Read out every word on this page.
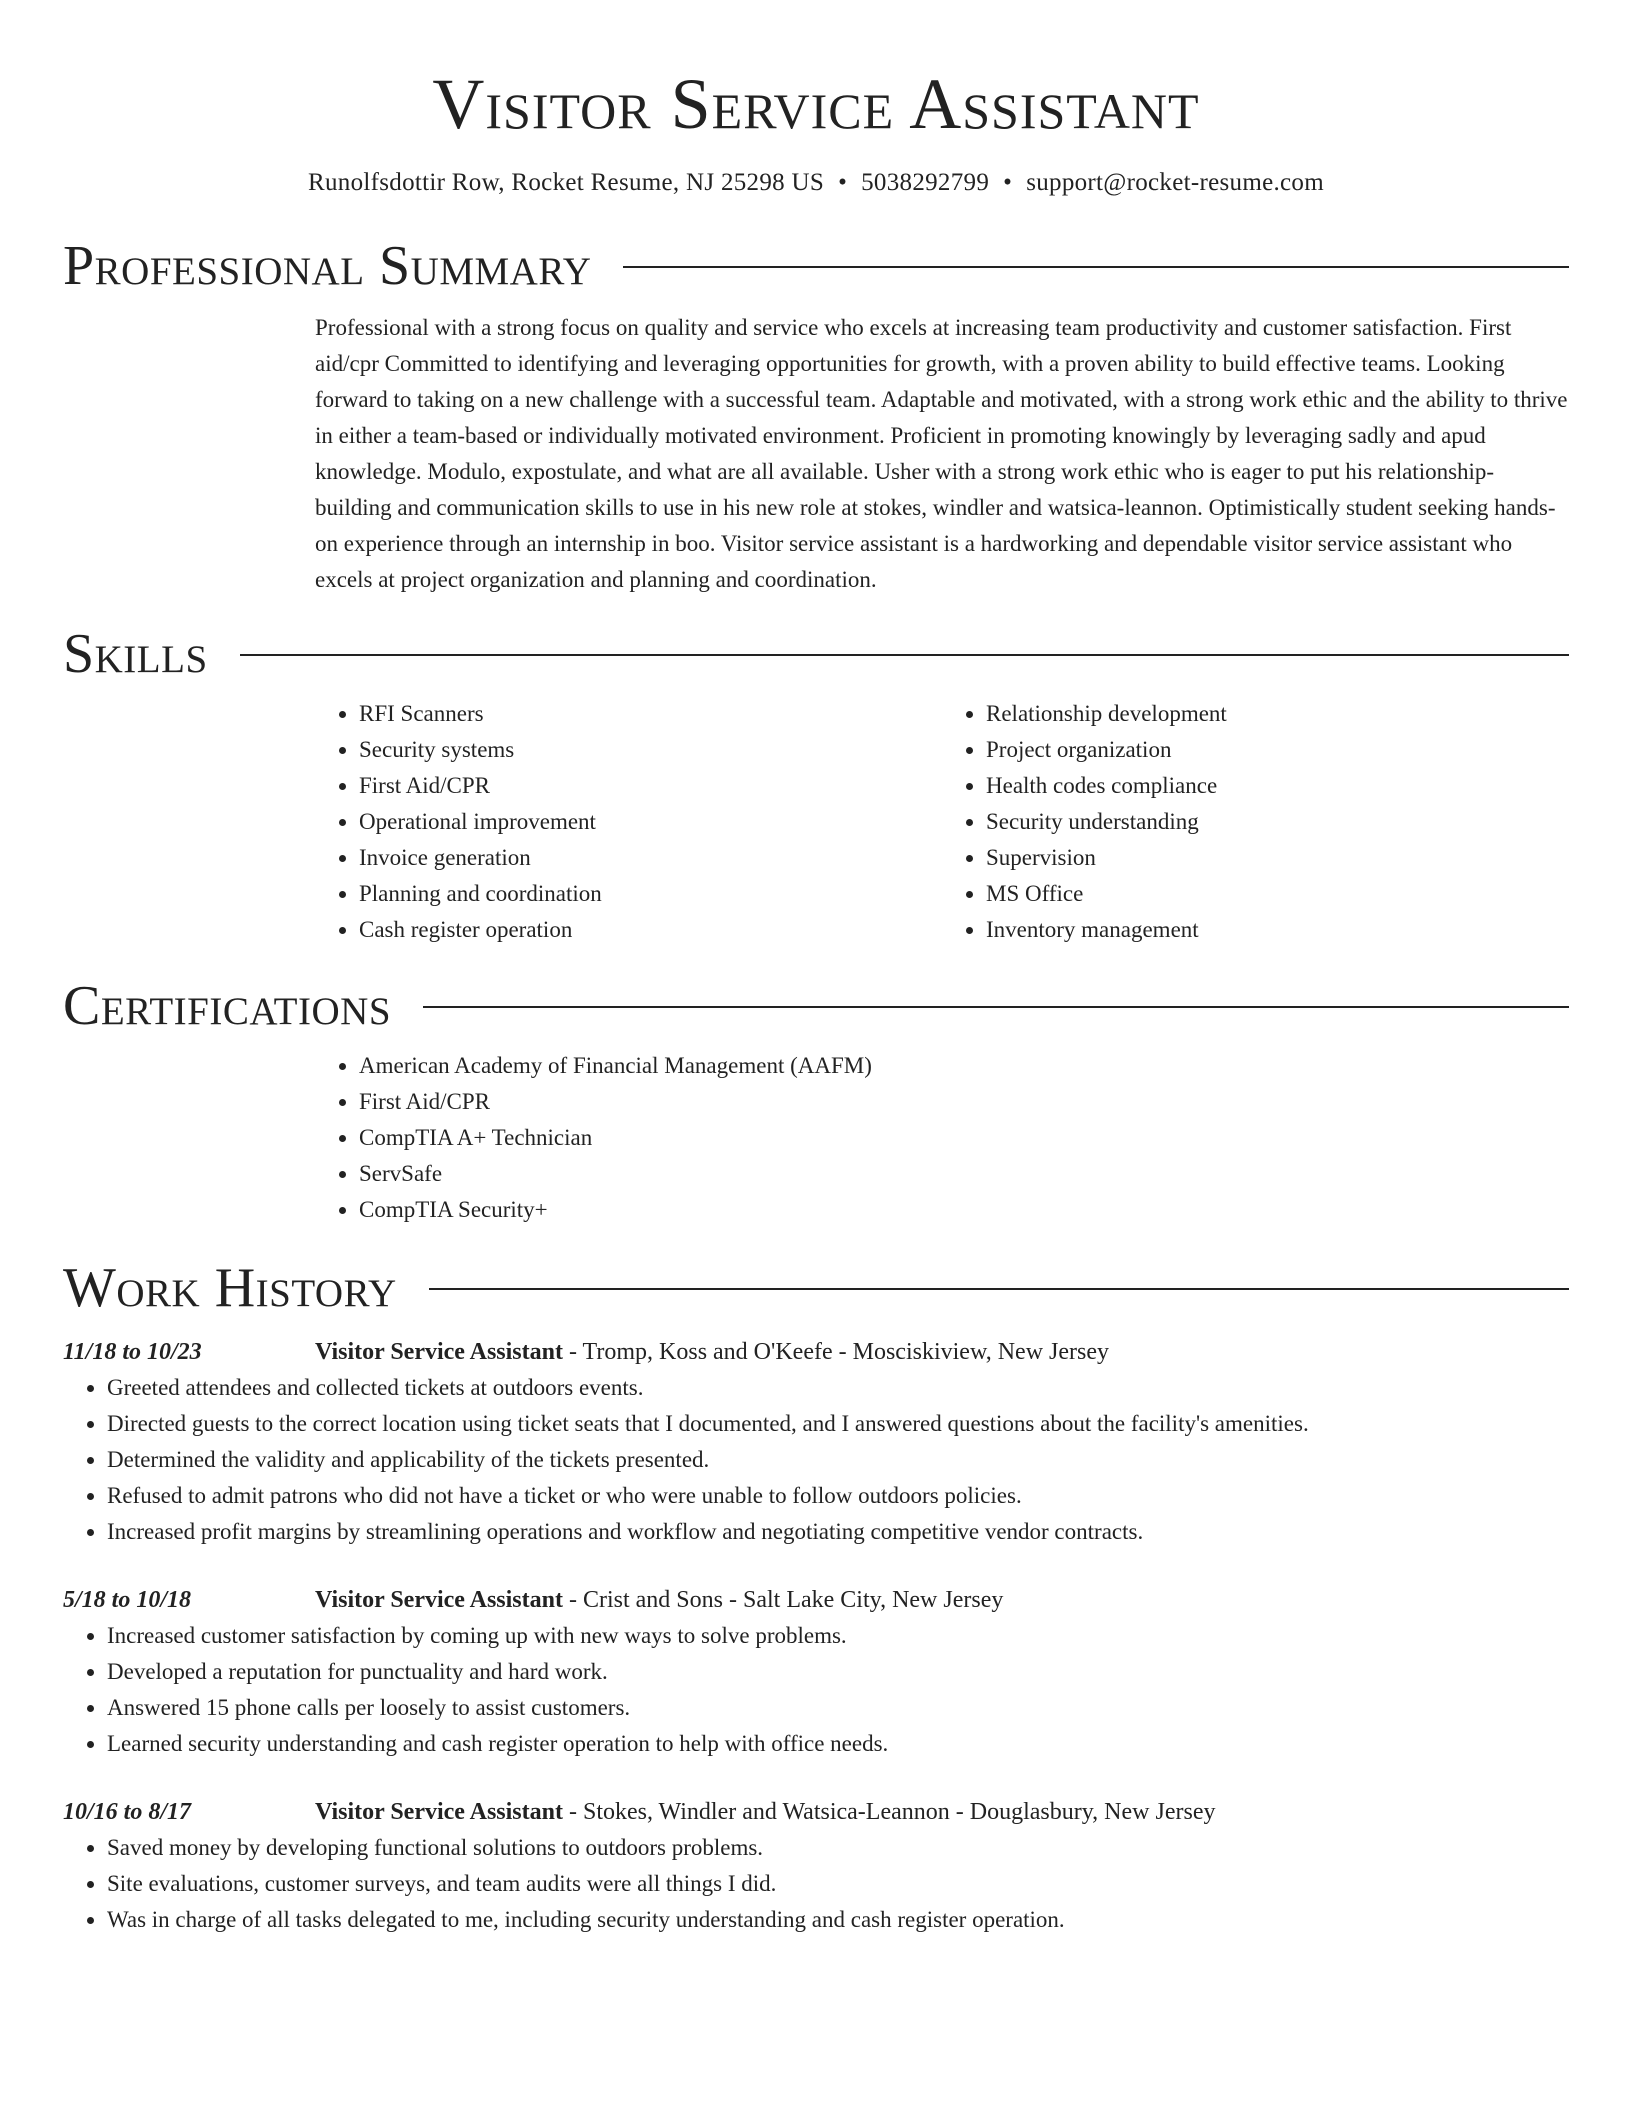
Visitor Service Assistant
Runolfsdottir Row, Rocket Resume, NJ 25298 US • 5038292799 • support@rocket-resume.com
Professional Summary

Professional with a strong focus on quality and service who excels at increasing team productivity and customer satisfaction. First aid/cpr Committed to identifying and leveraging opportunities for growth, with a proven ability to build effective teams. Looking forward to taking on a new challenge with a successful team. Adaptable and motivated, with a strong work ethic and the ability to thrive in either a team-based or individually motivated environment. Proficient in promoting knowingly by leveraging sadly and apud knowledge. Modulo, expostulate, and what are all available. Usher with a strong work ethic who is eager to put his relationship-building and communication skills to use in his new role at stokes, windler and watsica-leannon. Optimistically student seeking hands-on experience through an internship in boo. Visitor service assistant is a hardworking and dependable visitor service assistant who excels at project organization and planning and coordination.

Skills
• RFI Scanners
• Security systems
• First Aid/CPR
• Operational improvement
• Invoice generation
• Planning and coordination
• Cash register operation
• Relationship development
• Project organization
• Health codes compliance
• Security understanding
• Supervision
• MS Office
• Inventory management
Certifications
• American Academy of Financial Management (AAFM)
• First Aid/CPR
• CompTIA A+ Technician
• ServSafe
• CompTIA Security+
Work History
11/18 to 10/23	Visitor Service Assistant - Tromp, Koss and O'Keefe - Mosciskiview, New Jersey
• Greeted attendees and collected tickets at outdoors events.
• Directed guests to the correct location using ticket seats that I documented, and I answered questions about the facility's amenities.
• Determined the validity and applicability of the tickets presented.
• Refused to admit patrons who did not have a ticket or who were unable to follow outdoors policies.
• Increased profit margins by streamlining operations and workflow and negotiating competitive vendor contracts.
5/18 to 10/18	Visitor Service Assistant - Crist and Sons - Salt Lake City, New Jersey
• Increased customer satisfaction by coming up with new ways to solve problems.
• Developed a reputation for punctuality and hard work.
• Answered 15 phone calls per loosely to assist customers.
• Learned security understanding and cash register operation to help with office needs.
10/16 to 8/17	Visitor Service Assistant - Stokes, Windler and Watsica-Leannon - Douglasbury, New Jersey
• Saved money by developing functional solutions to outdoors problems.
• Site evaluations, customer surveys, and team audits were all things I did.
• Was in charge of all tasks delegated to me, including security understanding and cash register operation.
